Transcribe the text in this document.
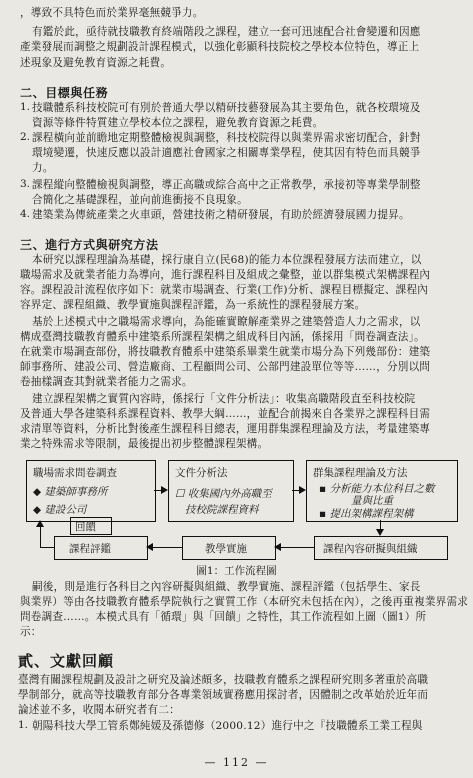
，導致不具特色而於業界毫無競爭力。
有鑑於此，亟待就技職教育終端階段之課程，建立一套可迅速配合社會變遷和因應
產業發展而調整之規劃設計課程模式，以強化彰顯科技院校之學校本位特色，導正上
述現象及避免教育資源之耗費。
二、目標與任務
1. 技職體系科技校院可有別於普通大學以精研技藝發展為其主要角色，就各校環境及
資源等條件特質建立學校本位之課程，避免教育資源之耗費。
2. 課程橫向並前瞻地定期整體檢視與調整，科技校院得以與業界需求密切配合，針對
環境變遷，快速反應以設計適應社會國家之相關專業學程，使其因有特色而具競爭
力。
3. 課程縱向整體檢視與調整，導正高職或綜合高中之正常教學，承接初等專業學制整
合簡化之基礎課程，並向前進衝接不良現象。
4. 建築業為傳統產業之火車頭，營建技術之精研發展，有助於經濟發展國力提昇。
三、進行方式與研究方法
本研究以課程理論為基礎，採行康自立(民68)的能力本位課程發展方法而建立，以
職場需求及就業者能力為導向，進行課程科目及組成之彙整，並以群集模式架構課程內
容。課程設計流程依序如下：就業市場調查、行業(工作)分析、課程目標擬定、課程內
容界定、課程組織、教學實施與課程評鑑，為一系統性的課程發展方案。
基於上述模式中之職場需求導向，為能確實瞭解產業界之建築營造人力之需求，以
構成臺灣技職教育體系中建築系所課程架構之組成科目內涵，係採用「問卷調查法」。
在就業市場調查部份，將技職教育體系中建築系畢業生就業市場分為下列幾部份：建築
師事務所、建設公司、營造廠商、工程顧問公司、公部門建設單位等等……，分別以問
卷抽樣調查其對就業者能力之需求。
建立課程架構之實質內容時，係採行「文件分析法」：收集高職階段直至科技校院
及普通大學各建築科系課程資料、教學大綱……，並配合前揭來自各業界之課程科目需
求清單等資料，分析比對後產生課程科目總表，運用群集課程理論及方法，考量建築專
業之特殊需求等限制，最後提出初步整體課程架構。
職場需求問卷調查
◆ 建築師事務所
◆ 建設公司
文件分析法
☐ 收集國內外高職至
技校院課程資料
群集課程理論及方法
▪ 分析能力本位科目之數
量與比重
▪ 提出架構課程架構
回饋
課程評鑑	教學實施	課程內容研擬與組織
圖1：工作流程圖
嗣後，則是進行各科目之內容研擬與組織、教學實施、課程評鑑（包括學生、家長
與業界）等由各技職教育體系學院執行之實質工作（本研究未包括在內），之後再重複業界需求
問卷調查……。本模式具有「循環」與「回饋」之特性，其工作流程如上圖（圖1）所
示：
貳、文獻回顧
臺灣有關課程規劃及設計之研究及論述頗多，技職教育體系之課程研究則多著重於高職
學制部分，就高等技職教育部分各專業領域實務應用探討者，因體制之改革始於近年而
論述並不多，收閱本研究者有二：
1. 朝陽科技大學工管系鄭純媛及孫德修（2000.12）進行中之『技職體系工業工程與
— 112 —
